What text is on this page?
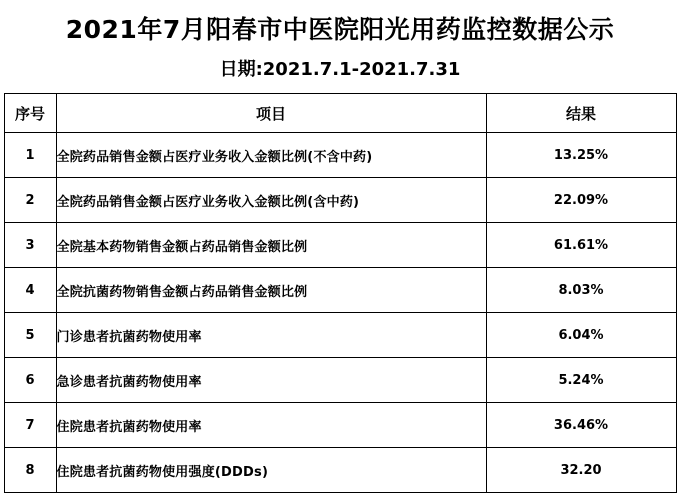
2021年7月阳春市中医院阳光用药监控数据公示
日期:2021.7.1-2021.7.31
序号	项目	结果
1	全院药品销售金额占医疗业务收入金额比例(不含中药)	13.25%
2	全院药品销售金额占医疗业务收入金额比例(含中药)	22.09%
3	全院基本药物销售金额占药品销售金额比例	61.61%
4	全院抗菌药物销售金额占药品销售金额比例	8.03%
5	门诊患者抗菌药物使用率	6.04%
6	急诊患者抗菌药物使用率	5.24%
7	住院患者抗菌药物使用率	36.46%
8	住院患者抗菌药物使用强度(DDDs)	32.20
